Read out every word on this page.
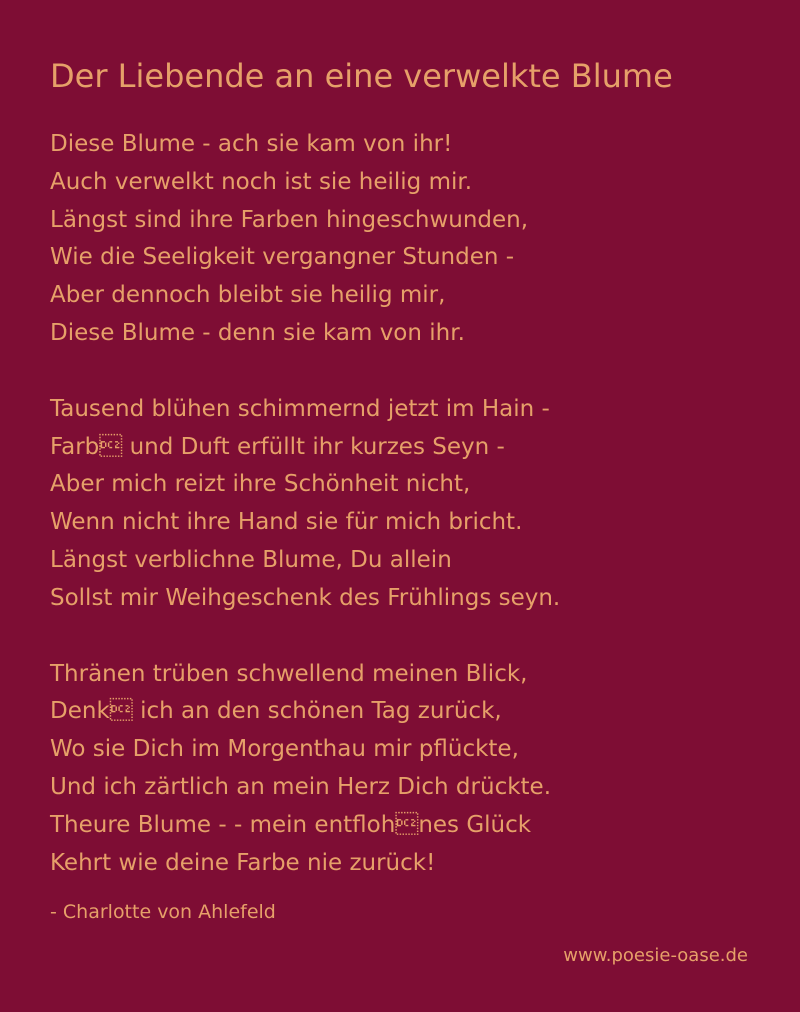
Der Liebende an eine verwelkte Blume
Diese Blume - ach sie kam von ihr!
Auch verwelkt noch ist sie heilig mir.
Längst sind ihre Farben hingeschwunden,
Wie die Seeligkeit vergangner Stunden -
Aber dennoch bleibt sie heilig mir,
Diese Blume - denn sie kam von ihr.
Tausend blühen schimmernd jetzt im Hain -
Farb und Duft erfüllt ihr kurzes Seyn -
Aber mich reizt ihre Schönheit nicht,
Wenn nicht ihre Hand sie für mich bricht.
Längst verblichne Blume, Du allein
Sollst mir Weihgeschenk des Frühlings seyn.
Thränen trüben schwellend meinen Blick,
Denk ich an den schönen Tag zurück,
Wo sie Dich im Morgenthau mir pflückte,
Und ich zärtlich an mein Herz Dich drückte.
Theure Blume - - mein entflohnes Glück
Kehrt wie deine Farbe nie zurück!
- Charlotte von Ahlefeld
www.poesie-oase.de
